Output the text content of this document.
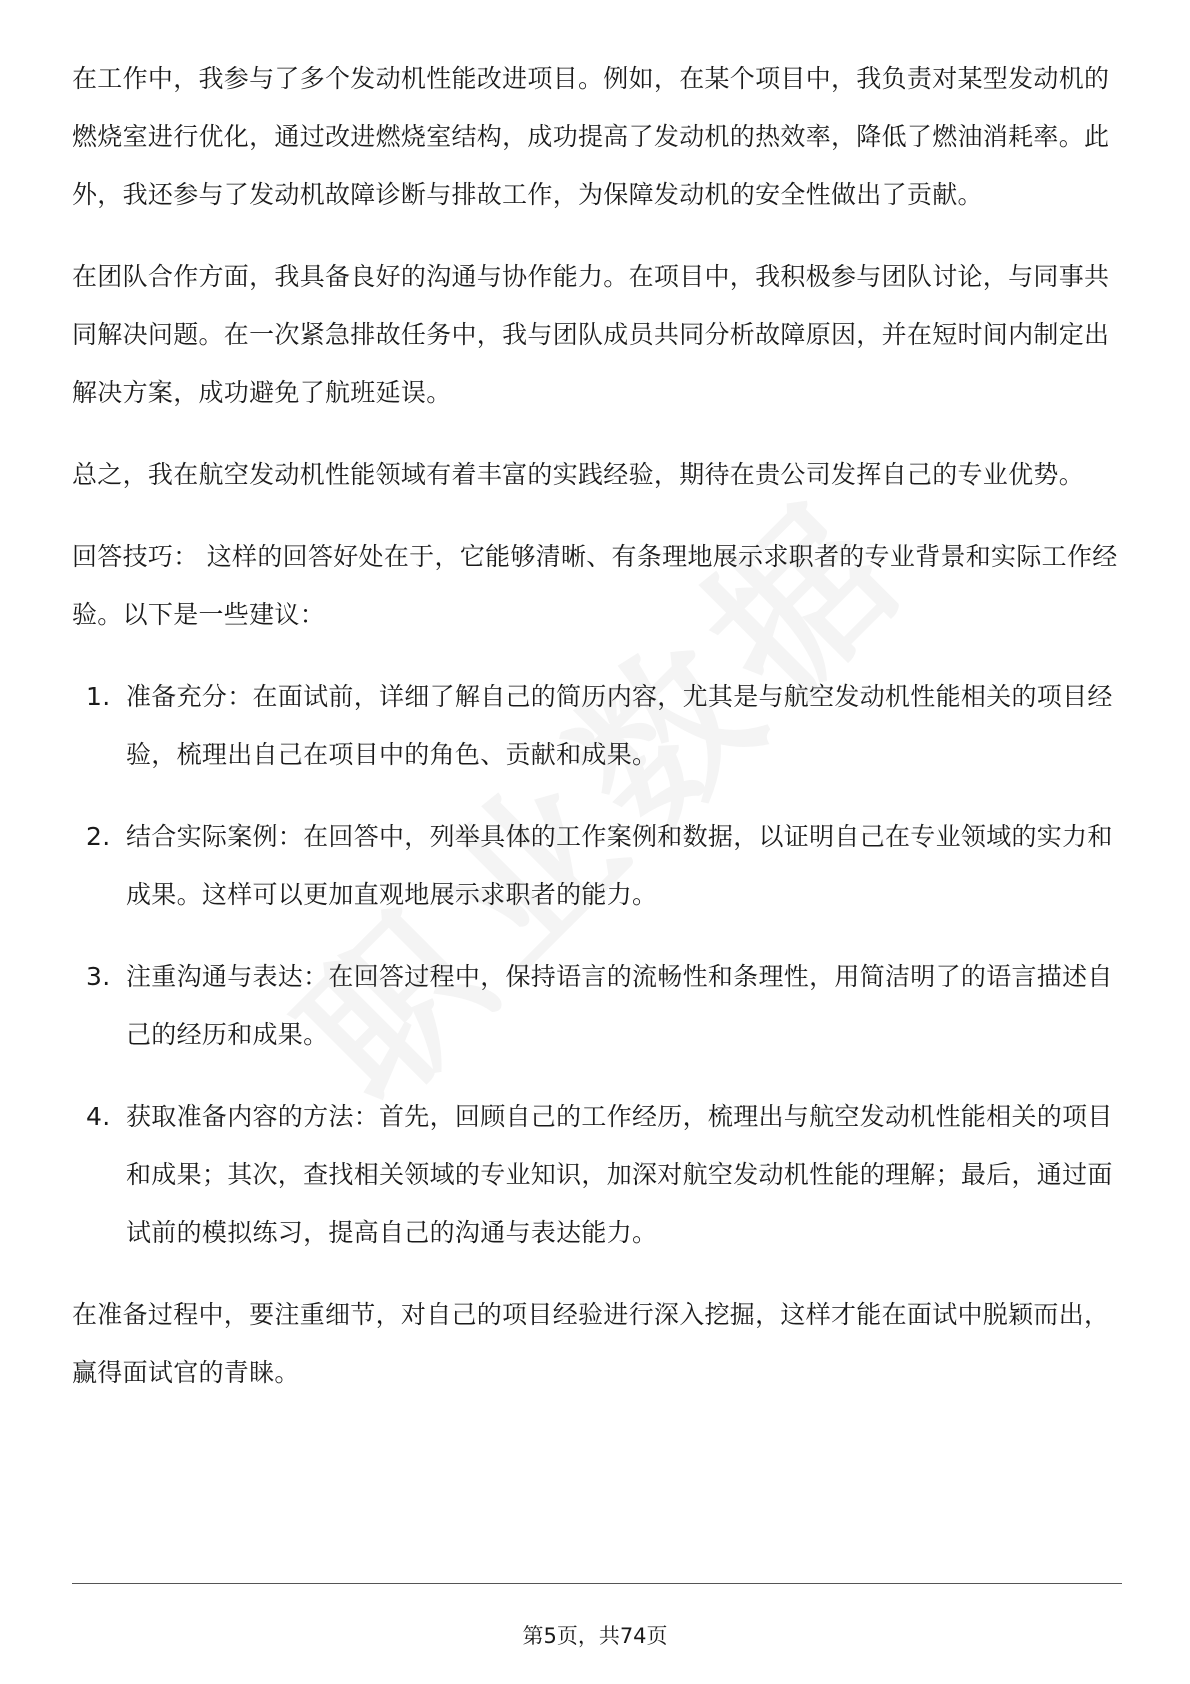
在工作中，我参与了多个发动机性能改进项目。例如，在某个项目中，我负责对某型发动机的燃烧室进行优化，通过改进燃烧室结构，成功提高了发动机的热效率，降低了燃油消耗率。此外，我还参与了发动机故障诊断与排故工作，为保障发动机的安全性做出了贡献。

在团队合作方面，我具备良好的沟通与协作能力。在项目中，我积极参与团队讨论，与同事共同解决问题。在一次紧急排故任务中，我与团队成员共同分析故障原因，并在短时间内制定出解决方案，成功避免了航班延误。

总之，我在航空发动机性能领域有着丰富的实践经验，期待在贵公司发挥自己的专业优势。

回答技巧： 这样的回答好处在于，它能够清晰、有条理地展示求职者的专业背景和实际工作经验。以下是一些建议：

1. 准备充分：在面试前，详细了解自己的简历内容，尤其是与航空发动机性能相关的项目经验，梳理出自己在项目中的角色、贡献和成果。
2. 结合实际案例：在回答中，列举具体的工作案例和数据，以证明自己在专业领域的实力和成果。这样可以更加直观地展示求职者的能力。
3. 注重沟通与表达：在回答过程中，保持语言的流畅性和条理性，用简洁明了的语言描述自己的经历和成果。
4. 获取准备内容的方法：首先，回顾自己的工作经历，梳理出与航空发动机性能相关的项目和成果；其次，查找相关领域的专业知识，加深对航空发动机性能的理解；最后，通过面试前的模拟练习，提高自己的沟通与表达能力。

在准备过程中，要注重细节，对自己的项目经验进行深入挖掘，这样才能在面试中脱颖而出，赢得面试官的青睐。

第5页，共74页
